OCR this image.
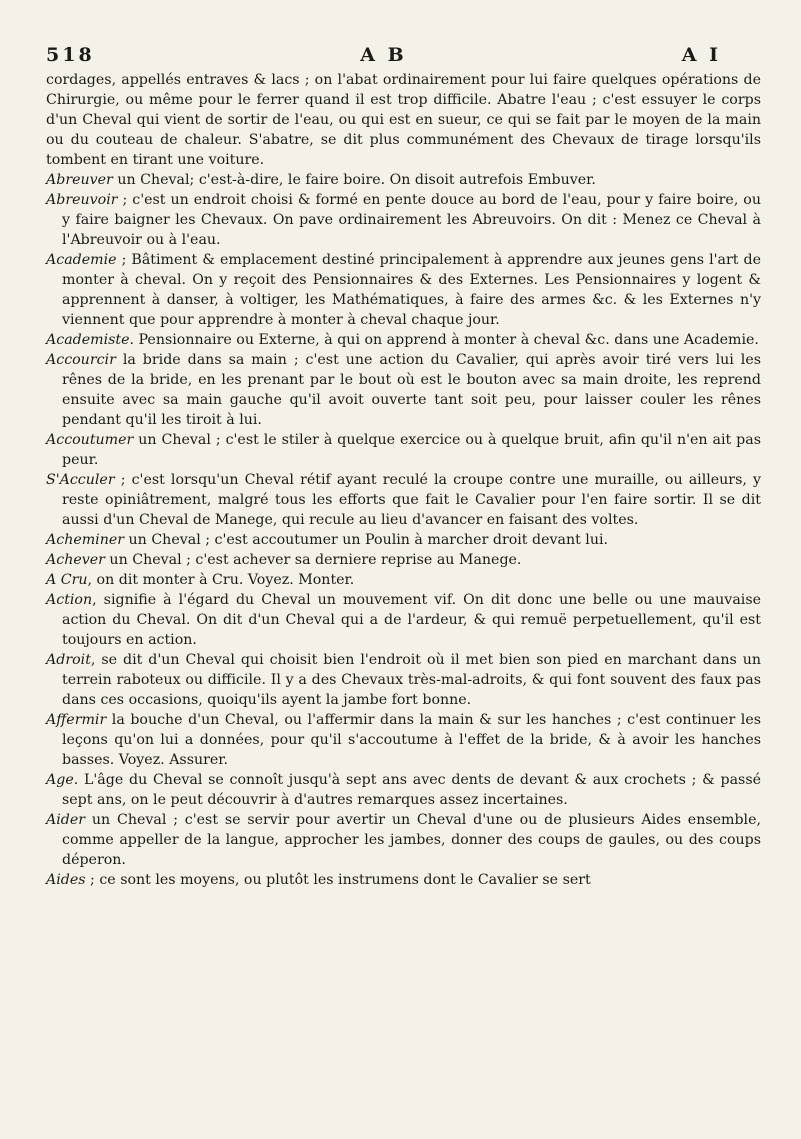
518	A B	A I

cordages, appellés entraves & lacs ; on l'abat ordinairement pour lui faire quelques opérations de Chirurgie, ou même pour le ferrer quand il est trop difficile. Abatre l'eau ; c'est essuyer le corps d'un Cheval qui vient de sortir de l'eau, ou qui est en sueur, ce qui se fait par le moyen de la main ou du couteau de chaleur. S'abatre, se dit plus communément des Chevaux de tirage lorsqu'ils tombent en tirant une voiture.

Abreuver un Cheval; c'est-à-dire, le faire boire. On disoit autrefois Embuver.

Abreuvoir ; c'est un endroit choisi & formé en pente douce au bord de l'eau, pour y faire boire, ou y faire baigner les Chevaux. On pave ordinairement les Abreuvoirs. On dit : Menez ce Cheval à l'Abreuvoir ou à l'eau.

Academie ; Bâtiment & emplacement destiné principalement à apprendre aux jeunes gens l'art de monter à cheval. On y reçoit des Pensionnaires & des Externes. Les Pensionnaires y logent & apprennent à danser, à voltiger, les Mathématiques, à faire des armes &c. & les Externes n'y viennent que pour apprendre à monter à cheval chaque jour.

Academiste. Pensionnaire ou Externe, à qui on apprend à monter à cheval &c. dans une Academie.

Accourcir la bride dans sa main ; c'est une action du Cavalier, qui après avoir tiré vers lui les rênes de la bride, en les prenant par le bout où est le bouton avec sa main droite, les reprend ensuite avec sa main gauche qu'il avoit ouverte tant soit peu, pour laisser couler les rênes pendant qu'il les tiroit à lui.

Accoutumer un Cheval ; c'est le stiler à quelque exercice ou à quelque bruit, afin qu'il n'en ait pas peur.

S'Acculer ; c'est lorsqu'un Cheval rétif ayant reculé la croupe contre une muraille, ou ailleurs, y reste opiniâtrement, malgré tous les efforts que fait le Cavalier pour l'en faire sortir. Il se dit aussi d'un Cheval de Manege, qui recule au lieu d'avancer en faisant des voltes.

Acheminer un Cheval ; c'est accoutumer un Poulin à marcher droit devant lui.

Achever un Cheval ; c'est achever sa derniere reprise au Manege.

A Cru, on dit monter à Cru. Voyez. Monter.

Action, signifie à l'égard du Cheval un mouvement vif. On dit donc une belle ou une mauvaise action du Cheval. On dit d'un Cheval qui a de l'ardeur, & qui remuë perpetuellement, qu'il est toujours en action.

Adroit, se dit d'un Cheval qui choisit bien l'endroit où il met bien son pied en marchant dans un terrein raboteux ou difficile. Il y a des Chevaux très-mal-adroits, & qui font souvent des faux pas dans ces occasions, quoiqu'ils ayent la jambe fort bonne.

Affermir la bouche d'un Cheval, ou l'affermir dans la main & sur les hanches ; c'est continuer les leçons qu'on lui a données, pour qu'il s'accoutume à l'effet de la bride, & à avoir les hanches basses. Voyez. Assurer.

Age. L'âge du Cheval se connoît jusqu'à sept ans avec dents de devant & aux crochets ; & passé sept ans, on le peut découvrir à d'autres remarques assez incertaines.

Aider un Cheval ; c'est se servir pour avertir un Cheval d'une ou de plusieurs Aides ensemble, comme appeller de la langue, approcher les jambes, donner des coups de gaules, ou des coups déperon.

Aides ; ce sont les moyens, ou plutôt les instrumens dont le Cavalier se sert
